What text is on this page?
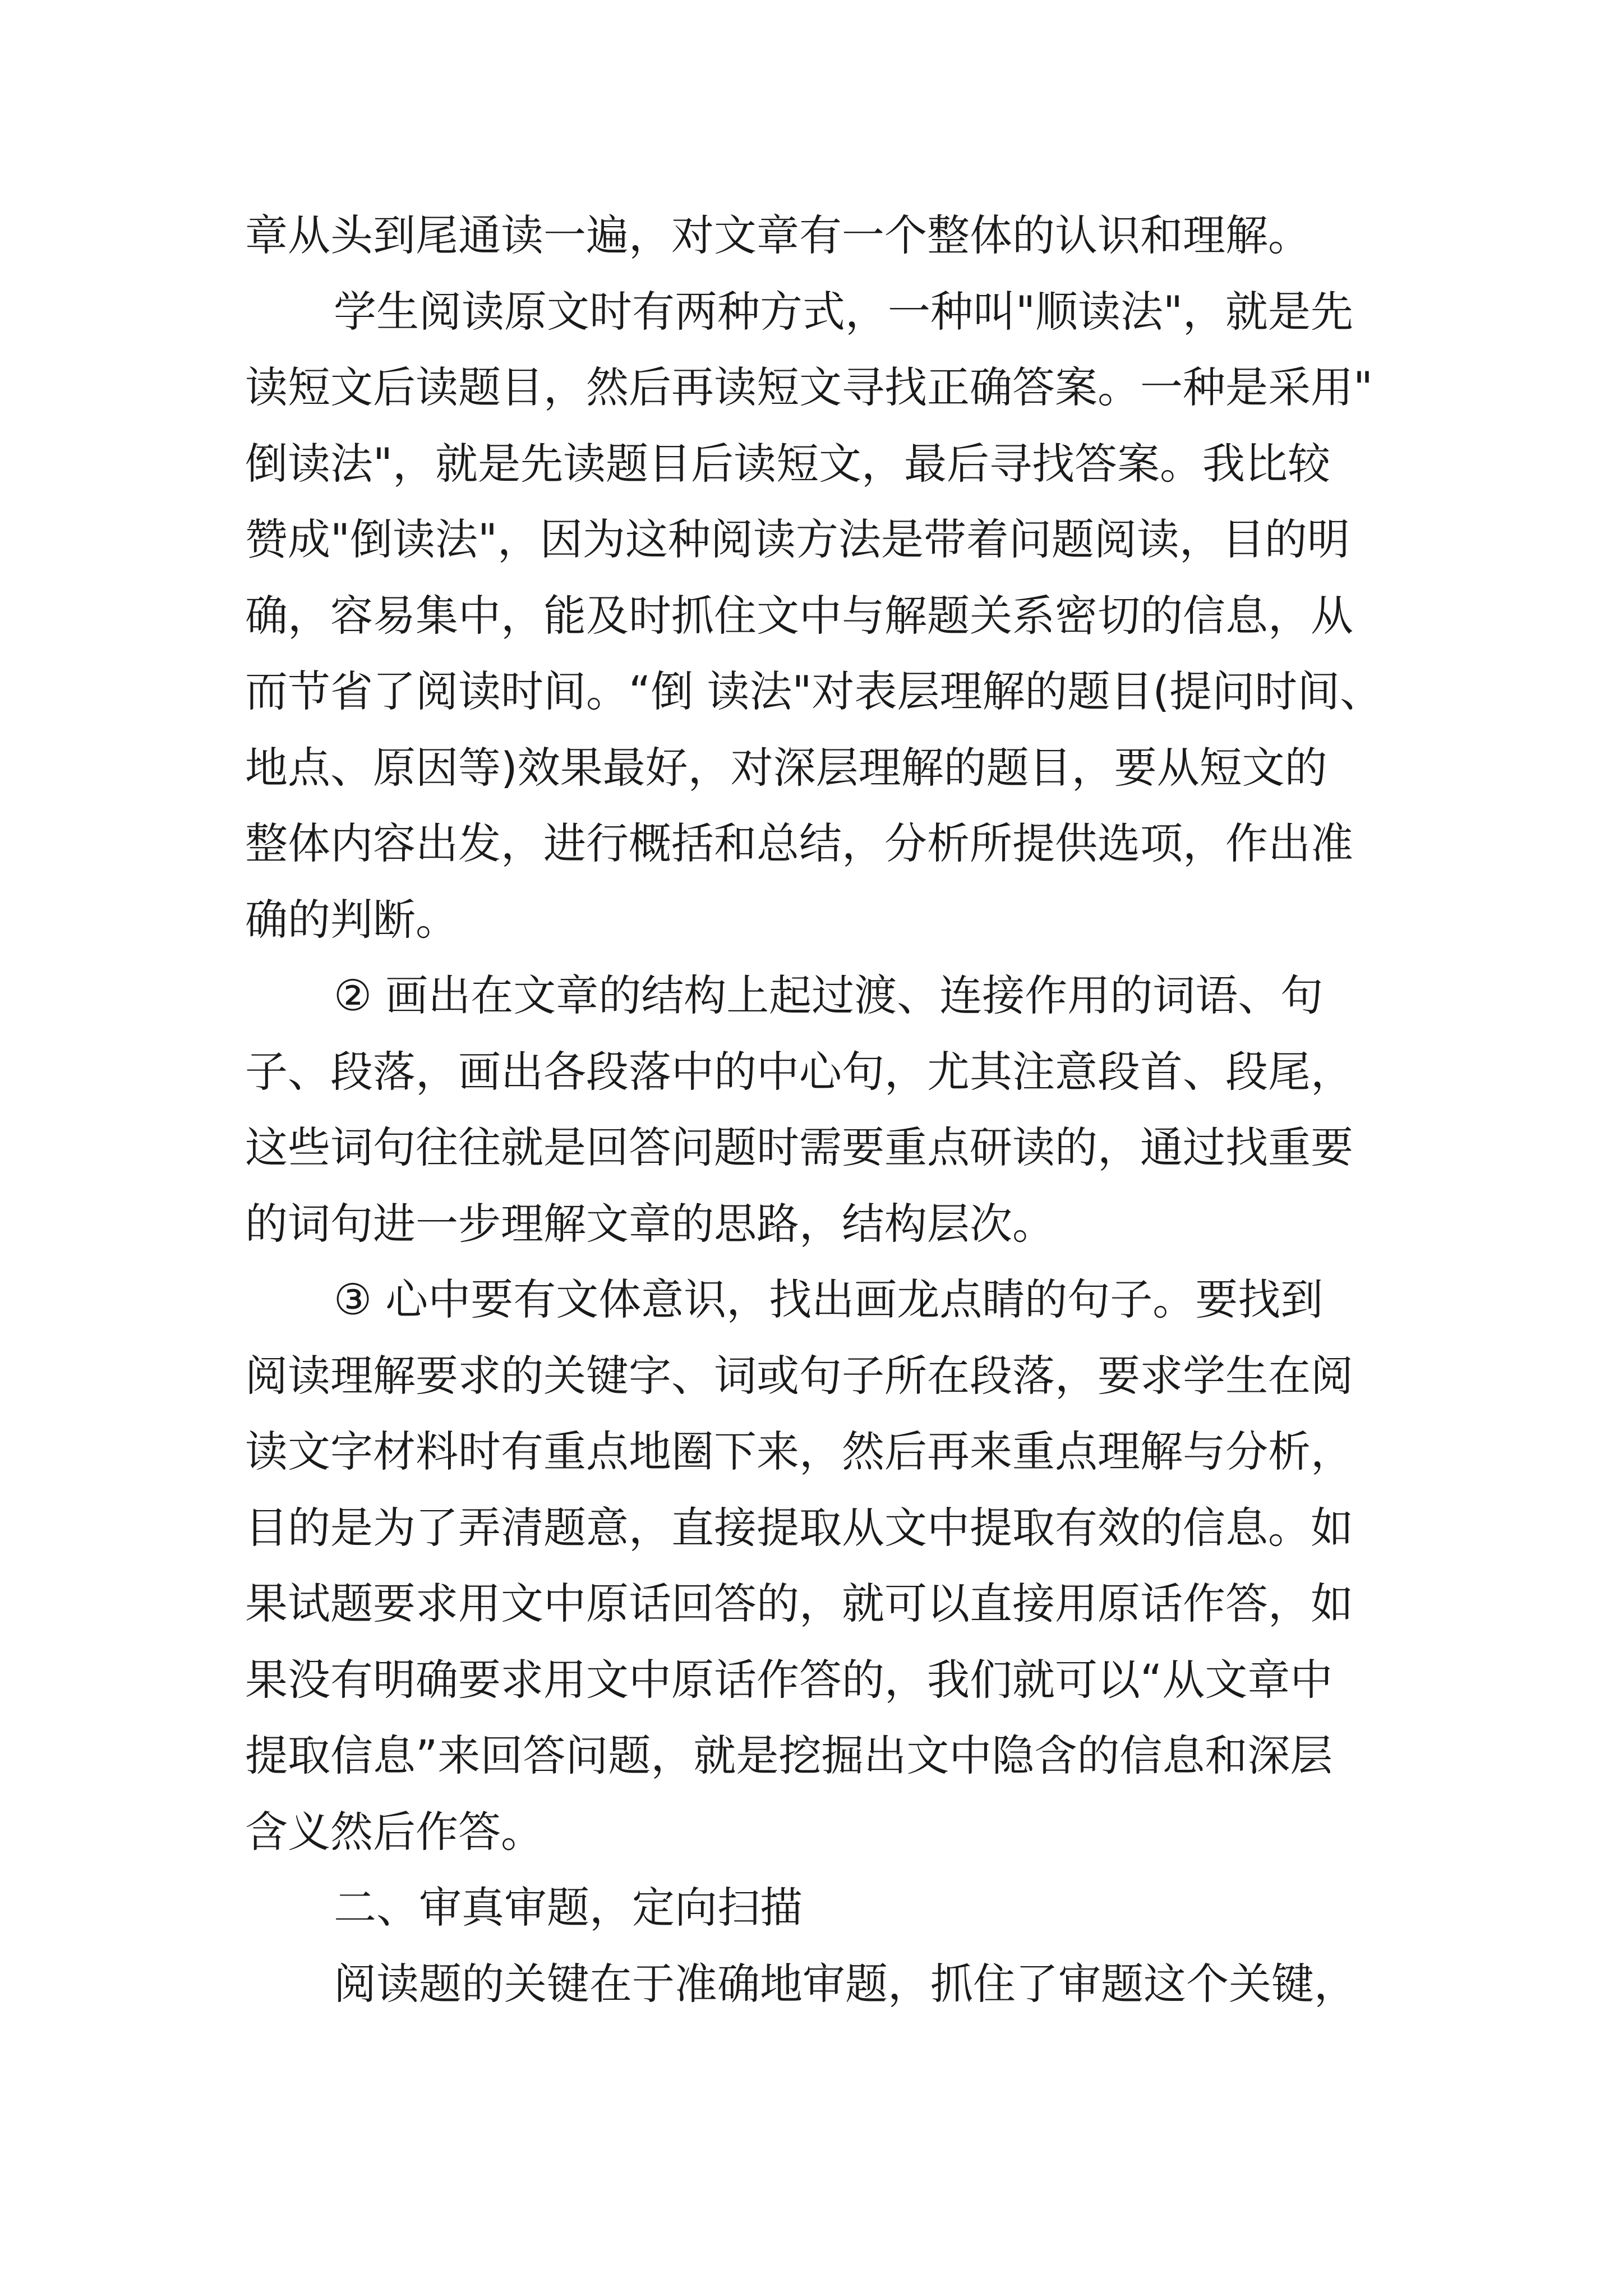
章从头到尾通读一遍，对文章有一个整体的认识和理解。

学生阅读原文时有两种方式，一种叫"顺读法"，就是先
读短文后读题目，然后再读短文寻找正确答案。一种是采用"
倒读法"，就是先读题目后读短文，最后寻找答案。我比较
赞成"倒读法"，因为这种阅读方法是带着问题阅读，目的明
确，容易集中，能及时抓住文中与解题关系密切的信息，从
而节省了阅读时间。“倒 读法"对表层理解的题目(提问时间、
地点、原因等)效果最好，对深层理解的题目，要从短文的
整体内容出发，进行概括和总结，分析所提供选项，作出准
确的判断。

② 画出在文章的结构上起过渡、连接作用的词语、句
子、段落，画出各段落中的中心句，尤其注意段首、段尾，
这些词句往往就是回答问题时需要重点研读的，通过找重要
的词句进一步理解文章的思路，结构层次。

③ 心中要有文体意识，找出画龙点睛的句子。要找到
阅读理解要求的关键字、词或句子所在段落，要求学生在阅
读文字材料时有重点地圈下来，然后再来重点理解与分析，
目的是为了弄清题意，直接提取从文中提取有效的信息。如
果试题要求用文中原话回答的，就可以直接用原话作答，如
果没有明确要求用文中原话作答的，我们就可以“从文章中
提取信息”来回答问题，就是挖掘出文中隐含的信息和深层
含义然后作答。

二、审真审题，定向扫描

阅读题的关键在于准确地审题，抓住了审题这个关键，
